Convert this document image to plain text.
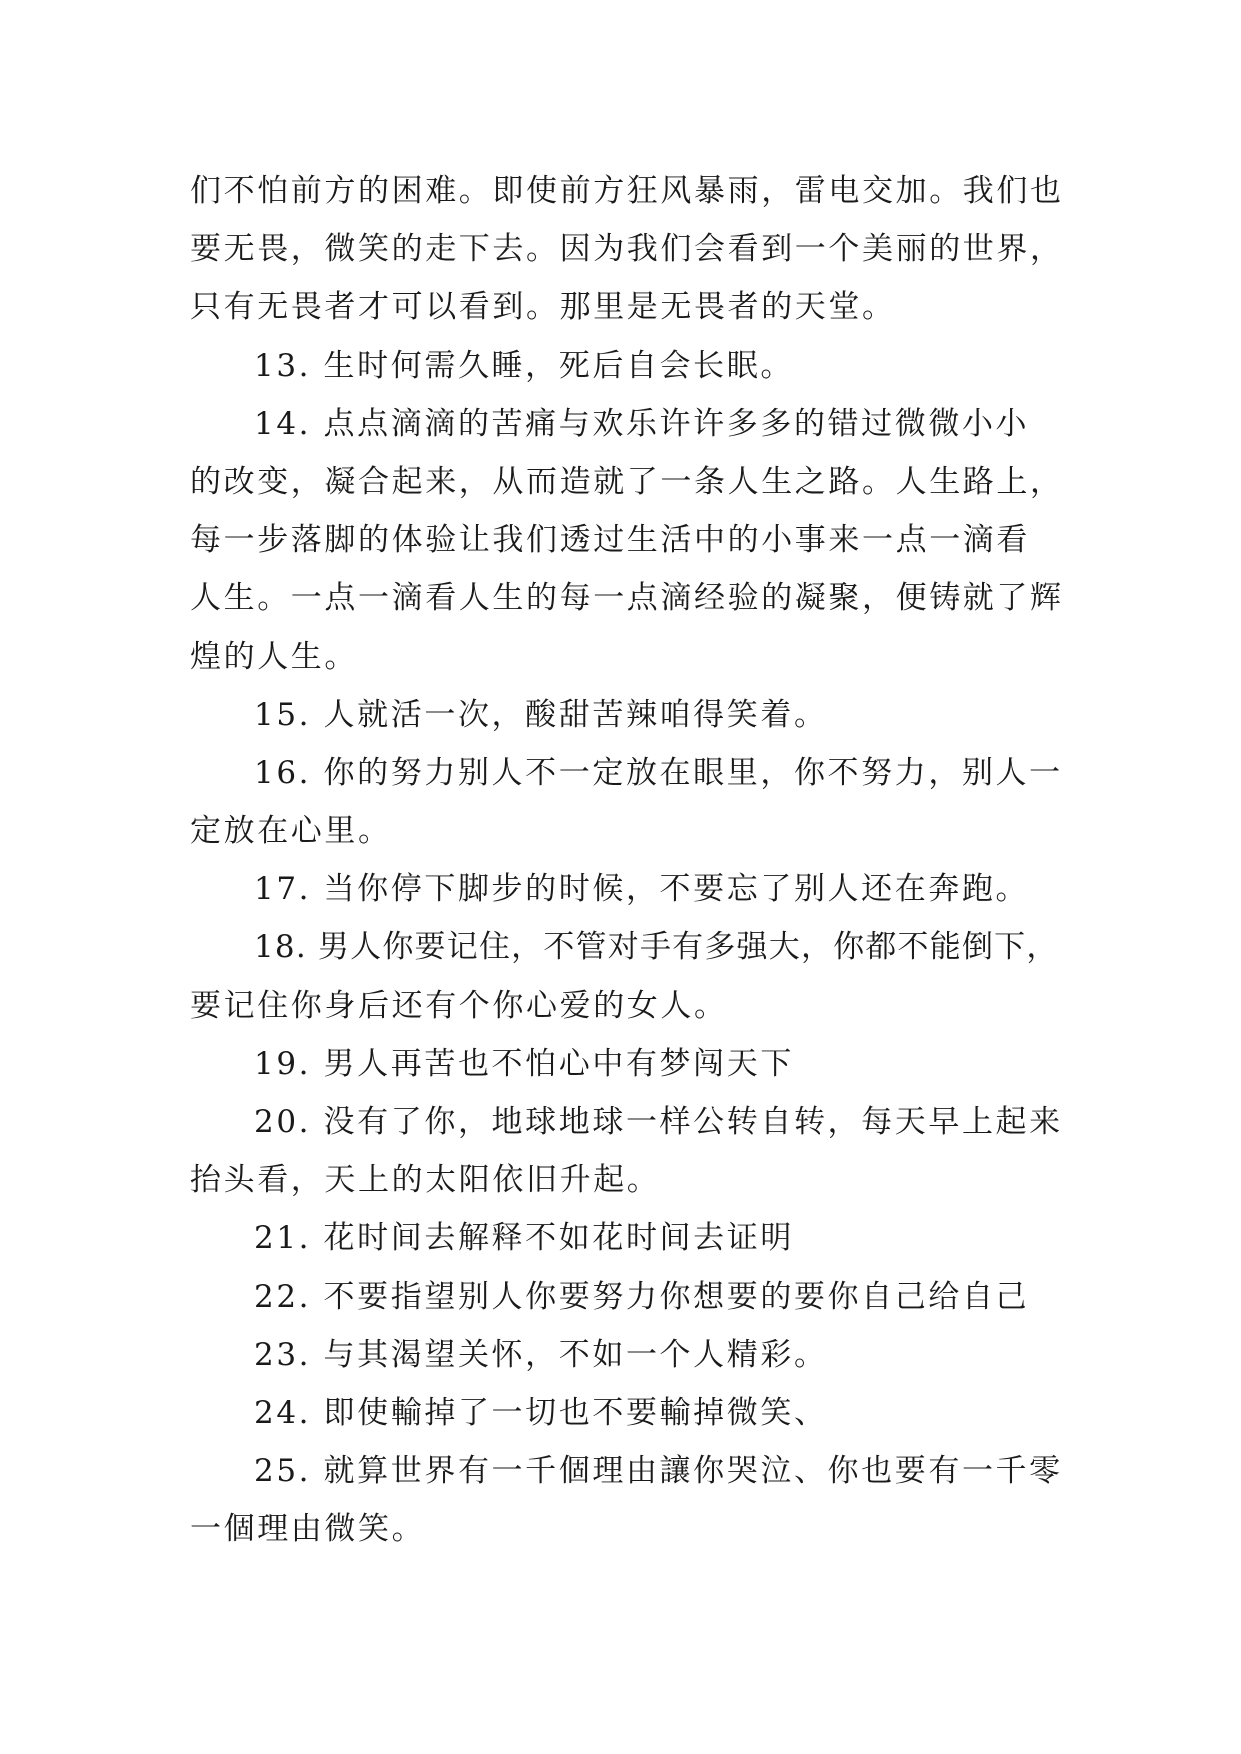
们不怕前方的困难。即使前方狂风暴雨，雷电交加。我们也
要无畏，微笑的走下去。因为我们会看到一个美丽的世界，
只有无畏者才可以看到。那里是无畏者的天堂。
13. 生时何需久睡，死后自会长眠。
14. 点点滴滴的苦痛与欢乐许许多多的错过微微小小
的改变，凝合起来，从而造就了一条人生之路。人生路上，
每一步落脚的体验让我们透过生活中的小事来一点一滴看
人生。一点一滴看人生的每一点滴经验的凝聚，便铸就了辉
煌的人生。
15. 人就活一次，酸甜苦辣咱得笑着。
16. 你的努力别人不一定放在眼里，你不努力，别人一
定放在心里。
17. 当你停下脚步的时候，不要忘了别人还在奔跑。
18. 男人你要记住，不管对手有多强大，你都不能倒下，
要记住你身后还有个你心爱的女人。
19. 男人再苦也不怕心中有梦闯天下
20. 没有了你，地球地球一样公转自转，每天早上起来
抬头看，天上的太阳依旧升起。
21. 花时间去解释不如花时间去证明
22. 不要指望别人你要努力你想要的要你自己给自己
23. 与其渴望关怀，不如一个人精彩。
24. 即使輸掉了一切也不要輸掉微笑、
25. 就算世界有一千個理由讓你哭泣、你也要有一千零
一個理由微笑。
